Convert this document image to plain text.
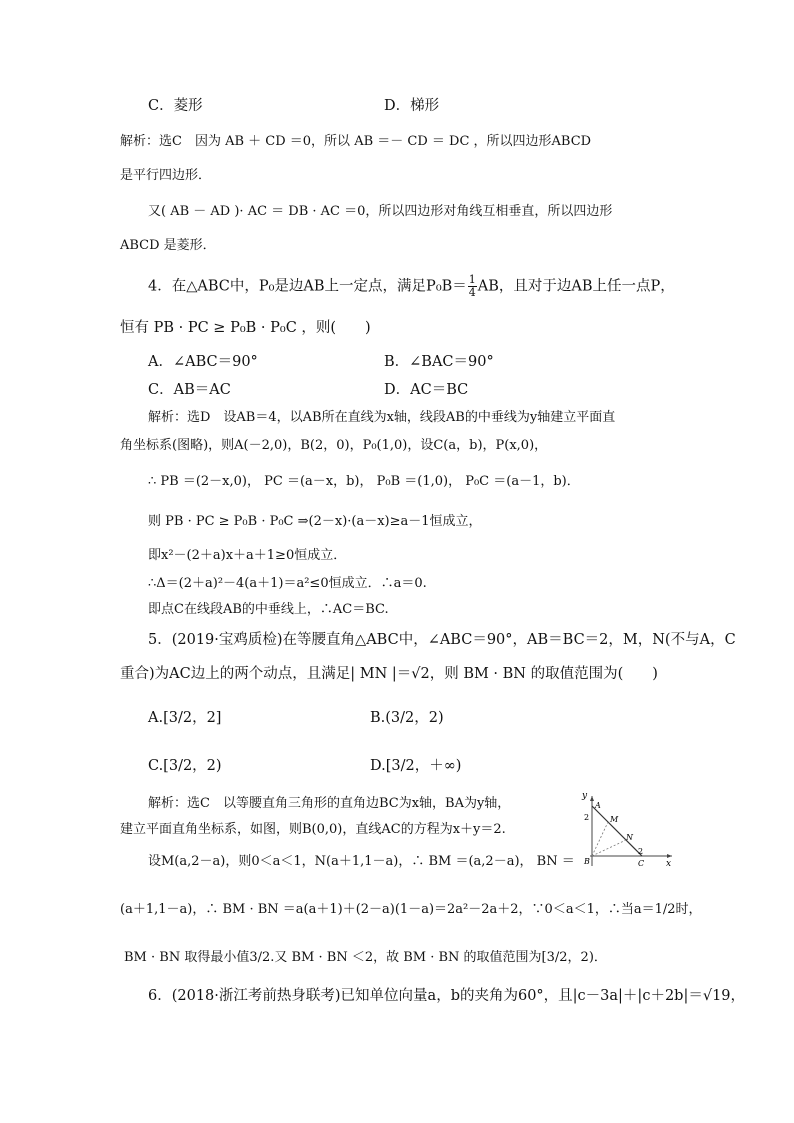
C．菱形	D．梯形
解析：选C　因为 AB ＋ CD ＝0，所以 AB ＝－ CD ＝ DC ，所以四边形ABCD
是平行四边形．
又( AB － AD )· AC ＝ DB · AC ＝0，所以四边形对角线互相垂直，所以四边形
ABCD 是菱形．
4．在△ABC中，P₀是边AB上一定点，满足$P_0B= \frac{1}{4}$ AB，且对于边AB上任一点P，
恒有 PB · PC ≥ P₀B · P₀C ，则(　　)
A．∠ABC＝90°	B．∠BAC＝90°
C．AB＝AC	D．AC＝BC
解析：选D　设AB＝4，以AB所在直线为x轴，线段AB的中垂线为y轴建立平面直
角坐标系(图略)，则A(－2,0)，B(2，0)，P₀(1,0)，设C(a，b)，P(x,0)，
∴ PB ＝(2－x,0)， PC ＝(a－x，b)， P₀B ＝(1,0)， P₀C ＝(a－1，b)．
则 PB · PC ≥ P₀B · P₀C ⇒(2－x)·(a－x)≥a－1恒成立，
即x²－(2＋a)x＋a＋1≥0恒成立．
∴Δ＝(2＋a)²－4(a＋1)＝a²≤0恒成立．∴a＝0.
即点C在线段AB的中垂线上，∴AC＝BC.
5．(2019·宝鸡质检)在等腰直角△ABC中，∠ABC＝90°，AB＝BC＝2，M，N(不与A，C
重合)为AC边上的两个动点，且满足| MN |＝√2，则 BM · BN 的取值范围为(　　)
A.[3/2，2]	B.(3/2，2)
C.[3/2，2)	D.[3/2，＋∞)
解析：选C　以等腰直角三角形的直角边BC为x轴，BA为y轴，
建立平面直角坐标系，如图，则B(0,0)，直线AC的方程为x＋y＝2.
设M(a,2－a)，则0＜a＜1，N(a＋1,1－a)，∴ BM ＝(a,2－a)， BN ＝
(a＋1,1－a)，∴ BM · BN ＝a(a＋1)＋(2－a)(1－a)＝2a²－2a＋2，∵0＜a＜1，∴当a＝1/2时，
BM · BN 取得最小值3/2.又 BM · BN ＜2，故 BM · BN 的取值范围为[3/2，2)．
y
x
A
M
N
B	C
2
2
6．(2018·浙江考前热身联考)已知单位向量a，b的夹角为60°，且|c－3a|＋|c＋2b|＝√19，
